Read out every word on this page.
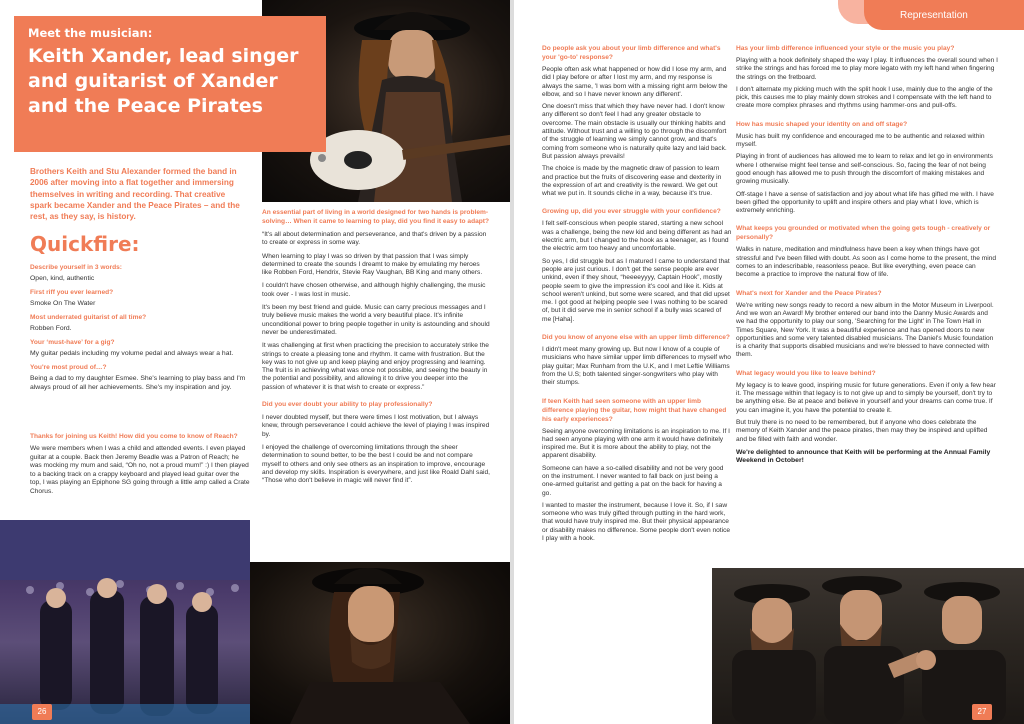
Meet the musician:
Keith Xander, lead singer and guitarist of Xander and the Peace Pirates
Brothers Keith and Stu Alexander formed the band in 2006 after moving into a flat together and immersing themselves in writing and recording. That creative spark became Xander and the Peace Pirates – and the rest, as they say, is history.
Quickfire:
Describe yourself in 3 words:
Open, kind, authentic
First riff you ever learned?
Smoke On The Water
Most underrated guitarist of all time?
Robben Ford.
Your ‘must-have’ for a gig?
My guitar pedals including my volume pedal and always wear a hat.
You're most proud of…?
Being a dad to my daughter Esmee. She's learning to play bass and I'm always proud of all her achievements. She's my inspiration and joy.
Thanks for joining us Keith! How did you come to know of Reach?
We were members when I was a child and attended events. I even played guitar at a couple. Back then Jeremy Beadle was a Patron of Reach; he was mocking my mum and said, “Oh no, not a proud mum!” :) I then played to a backing track on a crappy keyboard and played lead guitar over the top, I was playing an Epiphone SG going through a little amp called a Crate Chorus.
An essential part of living in a world designed for two hands is problem-solving… When it came to learning to play, did you find it easy to adapt?

“It's all about determination and perseverance, and that's driven by a passion to create or express in some way.

When learning to play I was so driven by that passion that I was simply determined to create the sounds I dreamt to make by emulating my heroes like Robben Ford, Hendrix, Stevie Ray Vaughan, BB King and many others.

I couldn't have chosen otherwise, and although highly challenging, the music took over - I was lost in music.

It's been my best friend and guide. Music can carry precious messages and I truly believe music makes the world a very beautiful place. It's infinite unconditional power to bring people together in unity is astounding and should never be underestimated.

It was challenging at first when practicing the precision to accurately strike the strings to create a pleasing tone and rhythm. It came with frustration. But the key was to not give up and keep playing and enjoy progressing and learning. The fruit is in achieving what was once not possible, and seeing the beauty in the potential and possibility, and allowing it to drive you deeper into the passion of whatever it is that wish to create or express.”

Did you ever doubt your ability to play professionally?

I never doubted myself, but there were times I lost motivation, but I always knew, through perseverance I could achieve the level of playing I was inspired by.

I enjoyed the challenge of overcoming limitations through the sheer determination to sound better, to be the best I could be and not compare myself to others and only see others as an inspiration to improve, encourage and develop my skills. Inspiration is everywhere, and just like Roald Dahl said, “Those who don't believe in magic will never find it”.

26
Representation
Do people ask you about your limb difference and what's your 'go-to' response?

People often ask what happened or how did I lose my arm, and did I play before or after I lost my arm, and my response is always the same, 'I was born with a missing right arm below the elbow, and so I have never known any different'.

One doesn't miss that which they have never had. I don't know any different so don't feel I had any greater obstacle to overcome. The main obstacle is usually our thinking habits and attitude. Without trust and a willing to go through the discomfort of the struggle of learning we simply cannot grow, and that's coming from someone who is naturally quite lazy and laid back. But passion always prevails!

The choice is made by the magnetic draw of passion to learn and practice but the fruits of discovering ease and dexterity in the expression of art and creativity is the reward. We get out what we put in. It sounds cliche in a way, because it's true.

Growing up, did you ever struggle with your confidence?

I felt self-conscious when people stared, starting a new school was a challenge, being the new kid and being different as had an electric arm, but I changed to the hook as a teenager, as I found the electric arm too heavy and uncomfortable.

So yes, I did struggle but as I matured I came to understand that people are just curious. I don't get the sense people are ever unkind, even if they shout, “heeeeyyyy, Captain Hook”, mostly people seem to give the impression it's cool and like it. Kids at school weren't unkind, but some were scared, and that did upset me. I got good at helping people see I was nothing to be scared of, but it did serve me in senior school if a bully was scared of me [Haha].

Did you know of anyone else with an upper limb difference?

I didn't meet many growing up. But now I know of a couple of musicians who have similar upper limb differences to myself who play guitar; Max Runham from the U.K, and I met Leftie Williams from the U.S; both talented singer-songwriters who play with their stumps.

If teen Keith had seen someone with an upper limb difference playing the guitar, how might that have changed his early experiences?

Seeing anyone overcoming limitations is an inspiration to me. If I had seen anyone playing with one arm it would have definitely inspired me. But it is more about the ability to play, not the apparent disability.

Someone can have a so-called disability and not be very good on the instrument. I never wanted to fall back on just being a one-armed guitarist and getting a pat on the back for having a go.

I wanted to master the instrument, because I love it. So, if I saw someone who was truly gifted through putting in the hard work, that would have truly inspired me. But their physical appearance or disability makes no difference. Some people don't even notice I play with a hook.

Has your limb difference influenced your style or the music you play?

Playing with a hook definitely shaped the way I play. It influences the overall sound when I strike the strings and has forced me to play more legato with my left hand when fingering the strings on the fretboard.

I don't alternate my picking much with the split hook I use, mainly due to the angle of the pick, this causes me to play mainly down strokes and I compensate with the left hand to create more complex phrases and rhythms using hammer-ons and pull-offs.

How has music shaped your identity on and off stage?

Music has built my confidence and encouraged me to be authentic and relaxed within myself.

Playing in front of audiences has allowed me to learn to relax and let go in environments where I otherwise might feel tense and self-conscious. So, facing the fear of not being good enough has allowed me to push through the discomfort of making mistakes and growing musically.

Off-stage I have a sense of satisfaction and joy about what life has gifted me with. I have been gifted the opportunity to uplift and inspire others and play what I love, which is extremely enriching.

What keeps you grounded or motivated when the going gets tough - creatively or personally?

Walks in nature, meditation and mindfulness have been a key when things have got stressful and I've been filled with doubt. As soon as I come home to the present, the mind comes to an indescribable, reasonless peace. But like everything, even peace can become a practice to improve the natural flow of life.

What's next for Xander and the Peace Pirates?

We're writing new songs ready to record a new album in the Motor Museum in Liverpool. And we won an Award! My brother entered our band into the Danny Music Awards and we had the opportunity to play our song, 'Searching for the Light' in The Town Hall in Times Square, New York. It was a beautiful experience and has opened doors to new opportunities and some very talented disabled musicians. The Daniel's Music foundation is a charity that supports disabled musicians and we're blessed to have connected with them.

What legacy would you like to leave behind?

My legacy is to leave good, inspiring music for future generations. Even if only a few hear it. The message within that legacy is to not give up and to simply be yourself, don't try to be anything else. Be at peace and believe in yourself and your dreams can come true. If you can imagine it, you have the potential to create it.

But truly there is no need to be remembered, but if anyone who does celebrate the memory of Keith Xander and the peace pirates, then may they be inspired and uplifted and be filled with faith and wonder.

We're delighted to announce that Keith will be performing at the Annual Family Weekend in October!
27
